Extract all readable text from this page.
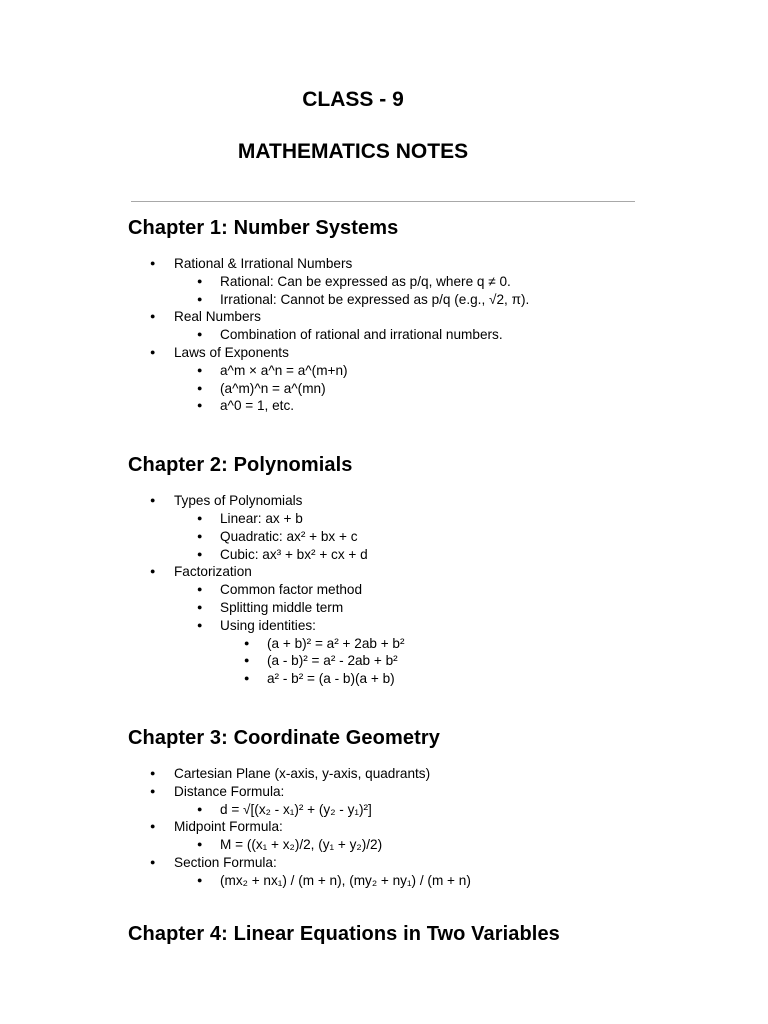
CLASS - 9
MATHEMATICS NOTES
Chapter 1: Number Systems
● Rational & Irrational Numbers
● Rational: Can be expressed as p/q, where q ≠ 0.
● Irrational: Cannot be expressed as p/q (e.g., √2, π).
● Real Numbers
● Combination of rational and irrational numbers.
● Laws of Exponents
● a^m × a^n = a^(m+n)
● (a^m)^n = a^(mn)
● a^0 = 1, etc.
Chapter 2: Polynomials
● Types of Polynomials
● Linear: ax + b
● Quadratic: ax² + bx + c
● Cubic: ax³ + bx² + cx + d
● Factorization
● Common factor method
● Splitting middle term
● Using identities:
● (a + b)² = a² + 2ab + b²
● (a - b)² = a² - 2ab + b²
● a² - b² = (a - b)(a + b)
Chapter 3: Coordinate Geometry
● Cartesian Plane (x-axis, y-axis, quadrants)
● Distance Formula:
● d = √[(x₂ - x₁)² + (y₂ - y₁)²]
● Midpoint Formula:
● M = ((x₁ + x₂)/2, (y₁ + y₂)/2)
● Section Formula:
● (mx₂ + nx₁) / (m + n), (my₂ + ny₁) / (m + n)
Chapter 4: Linear Equations in Two Variables
